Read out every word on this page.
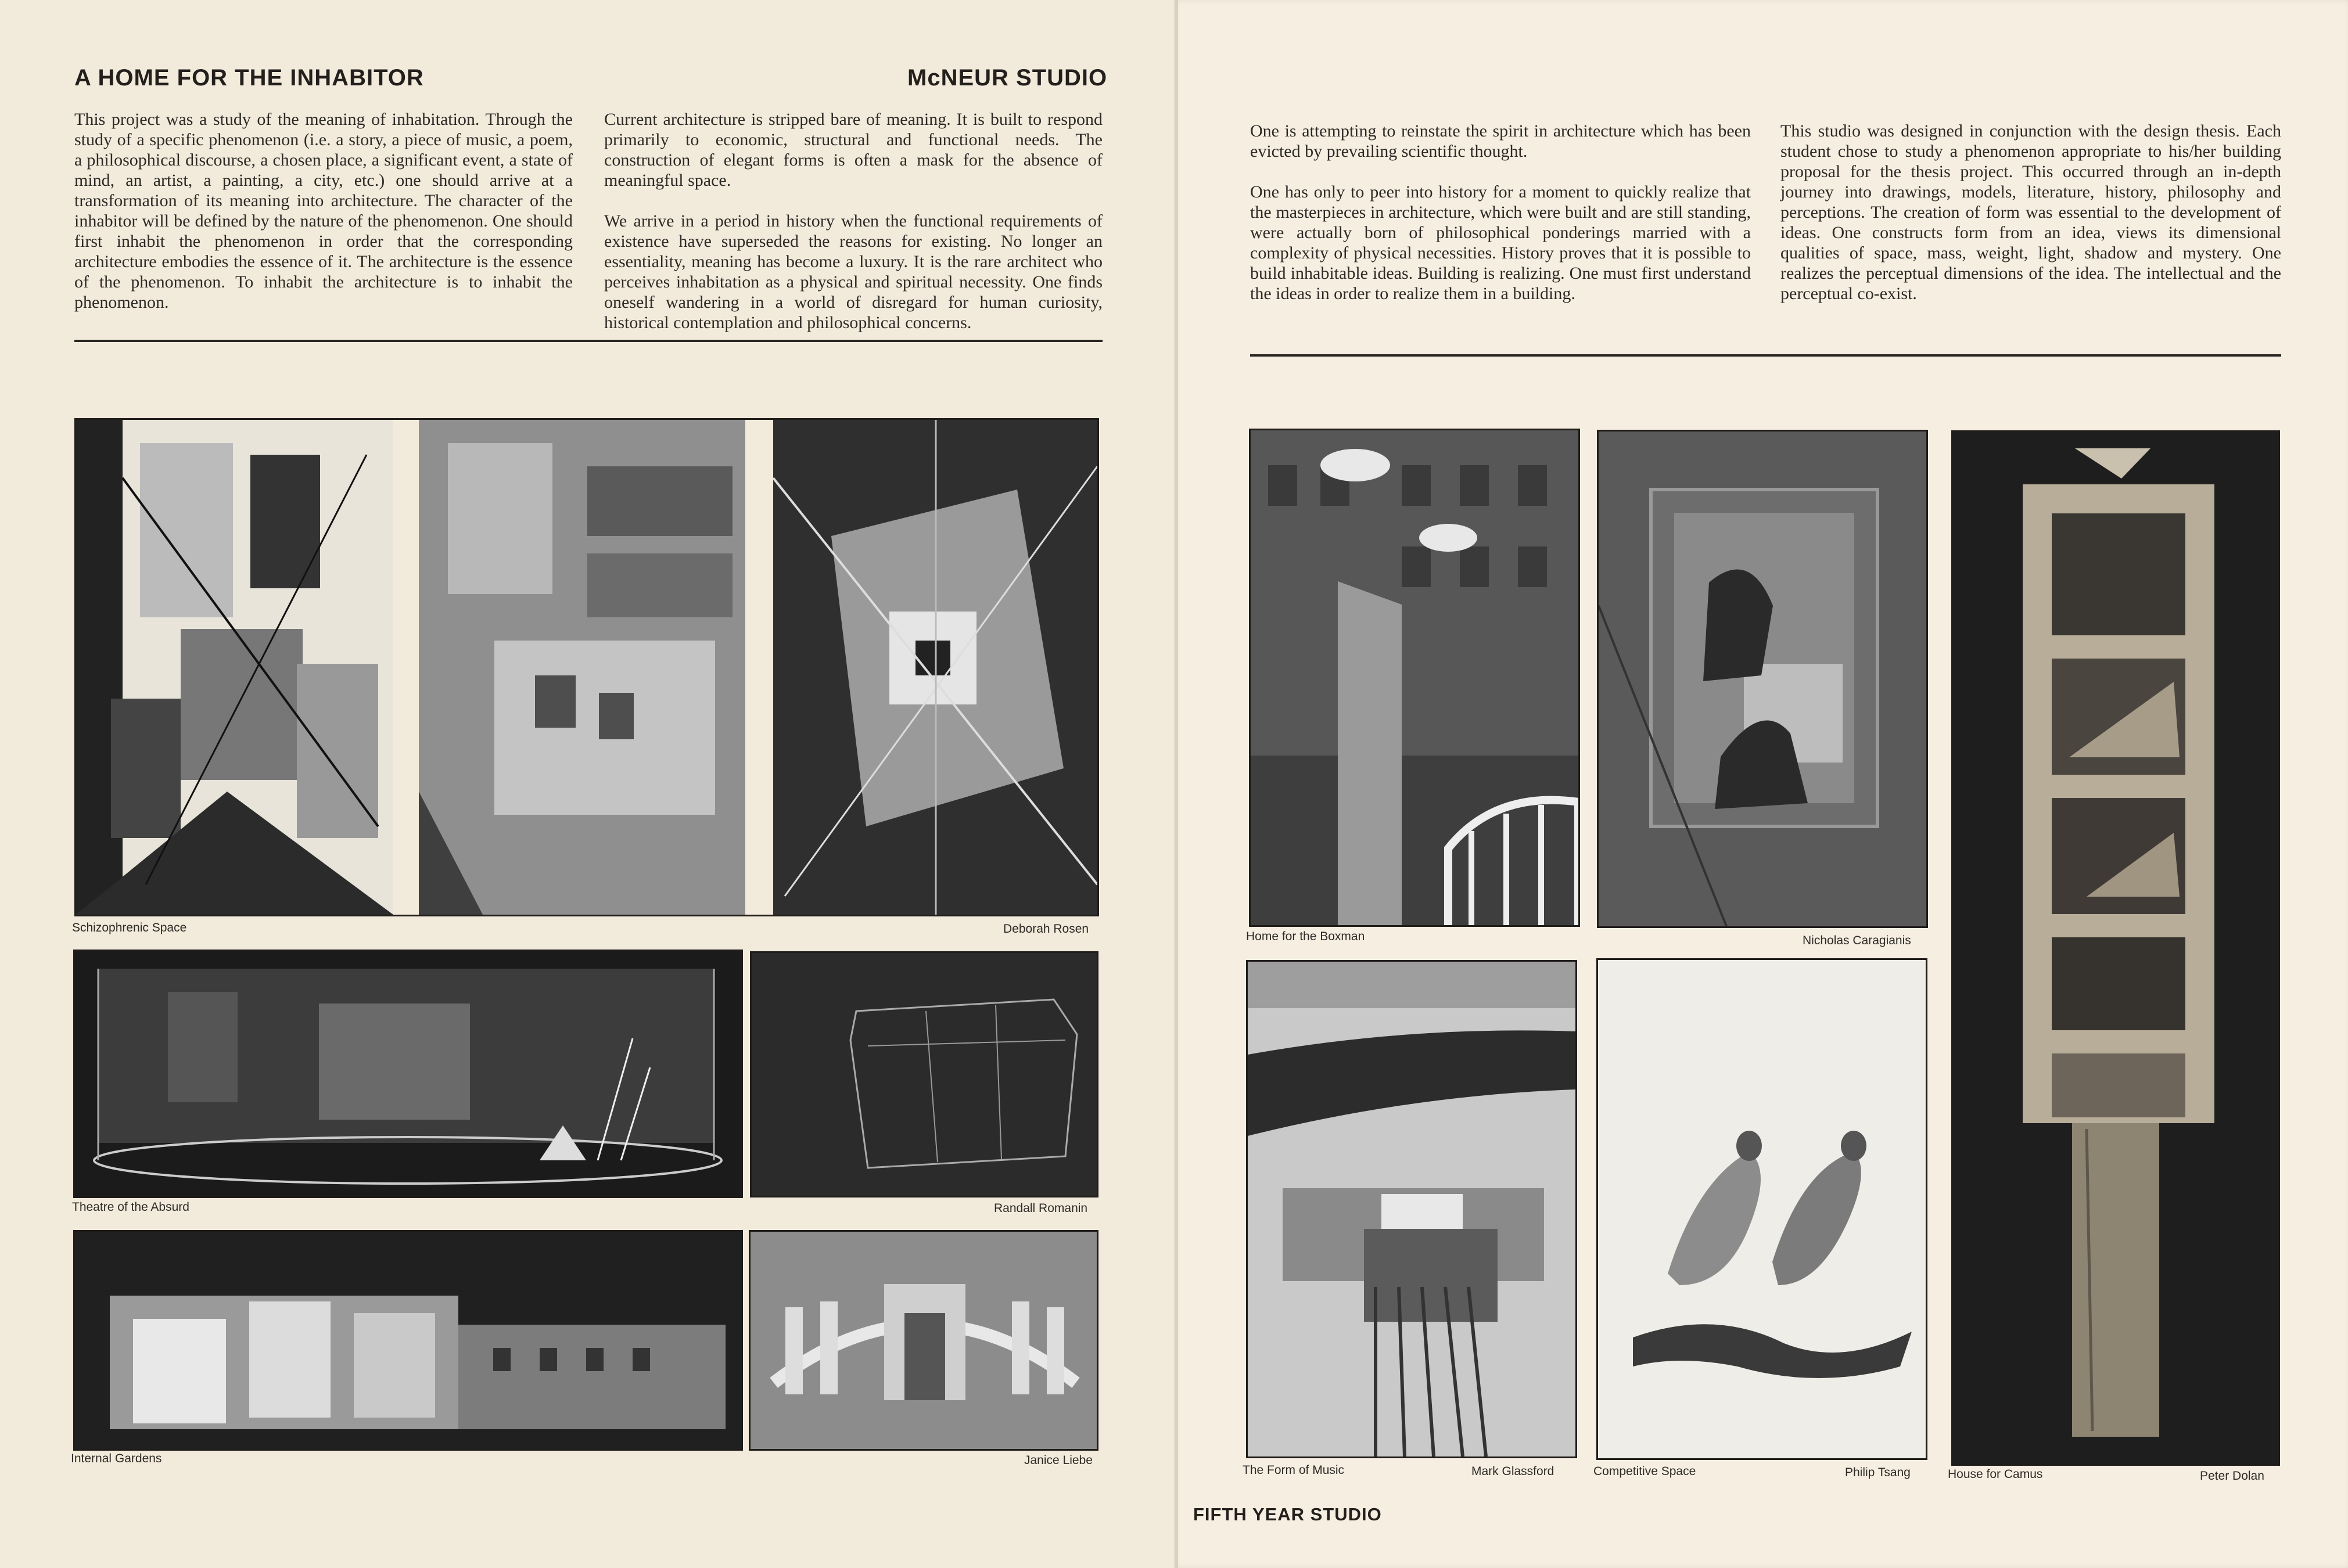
A HOME FOR THE INHABITOR	McNEUR STUDIO

This project was a study of the meaning of inhabitation. Through the study of a specific phenomenon (i.e. a story, a piece of music, a poem, a philosophical discourse, a chosen place, a significant event, a state of mind, an artist, a painting, a city, etc.) one should arrive at a transformation of its meaning into architecture. The character of the inhabitor will be defined by the nature of the phenomenon. One should first inhabit the phenomenon in order that the corresponding architecture embodies the essence of it. The architecture is the essence of the phenomenon. To inhabit the architecture is to inhabit the phenomenon.

Current architecture is stripped bare of meaning. It is built to respond primarily to economic, structural and functional needs. The construction of elegant forms is often a mask for the absence of meaningful space.

We arrive in a period in history when the functional requirements of existence have superseded the reasons for existing. No longer an essentiality, meaning has become a luxury. It is the rare architect who perceives inhabitation as a physical and spiritual necessity. One finds oneself wandering in a world of disregard for human curiosity, historical contemplation and philosophical concerns.

Schizophrenic Space	Deborah Rosen
Theatre of the Absurd	Randall Romanin
Internal Gardens	Janice Liebe

One is attempting to reinstate the spirit in architecture which has been evicted by prevailing scientific thought.

One has only to peer into history for a moment to quickly realize that the masterpieces in architecture, which were built and are still standing, were actually born of philosophical ponderings married with a complexity of physical necessities. History proves that it is possible to build inhabitable ideas. Building is realizing. One must first understand the ideas in order to realize them in a building.

This studio was designed in conjunction with the design thesis. Each student chose to study a phenomenon appropriate to his/her building proposal for the thesis project. This occurred through an in-depth journey into drawings, models, literature, history, philosophy and perceptions. The creation of form was essential to the development of ideas. One constructs form from an idea, views its dimensional qualities of space, mass, weight, light, shadow and mystery. One realizes the perceptual dimensions of the idea. The intellectual and the perceptual co-exist.

Home for the Boxman	Nicholas Caragianis
The Form of Music	Mark Glassford	Competitive Space	Philip Tsang	House for Camus	Peter Dolan
FIFTH YEAR STUDIO
